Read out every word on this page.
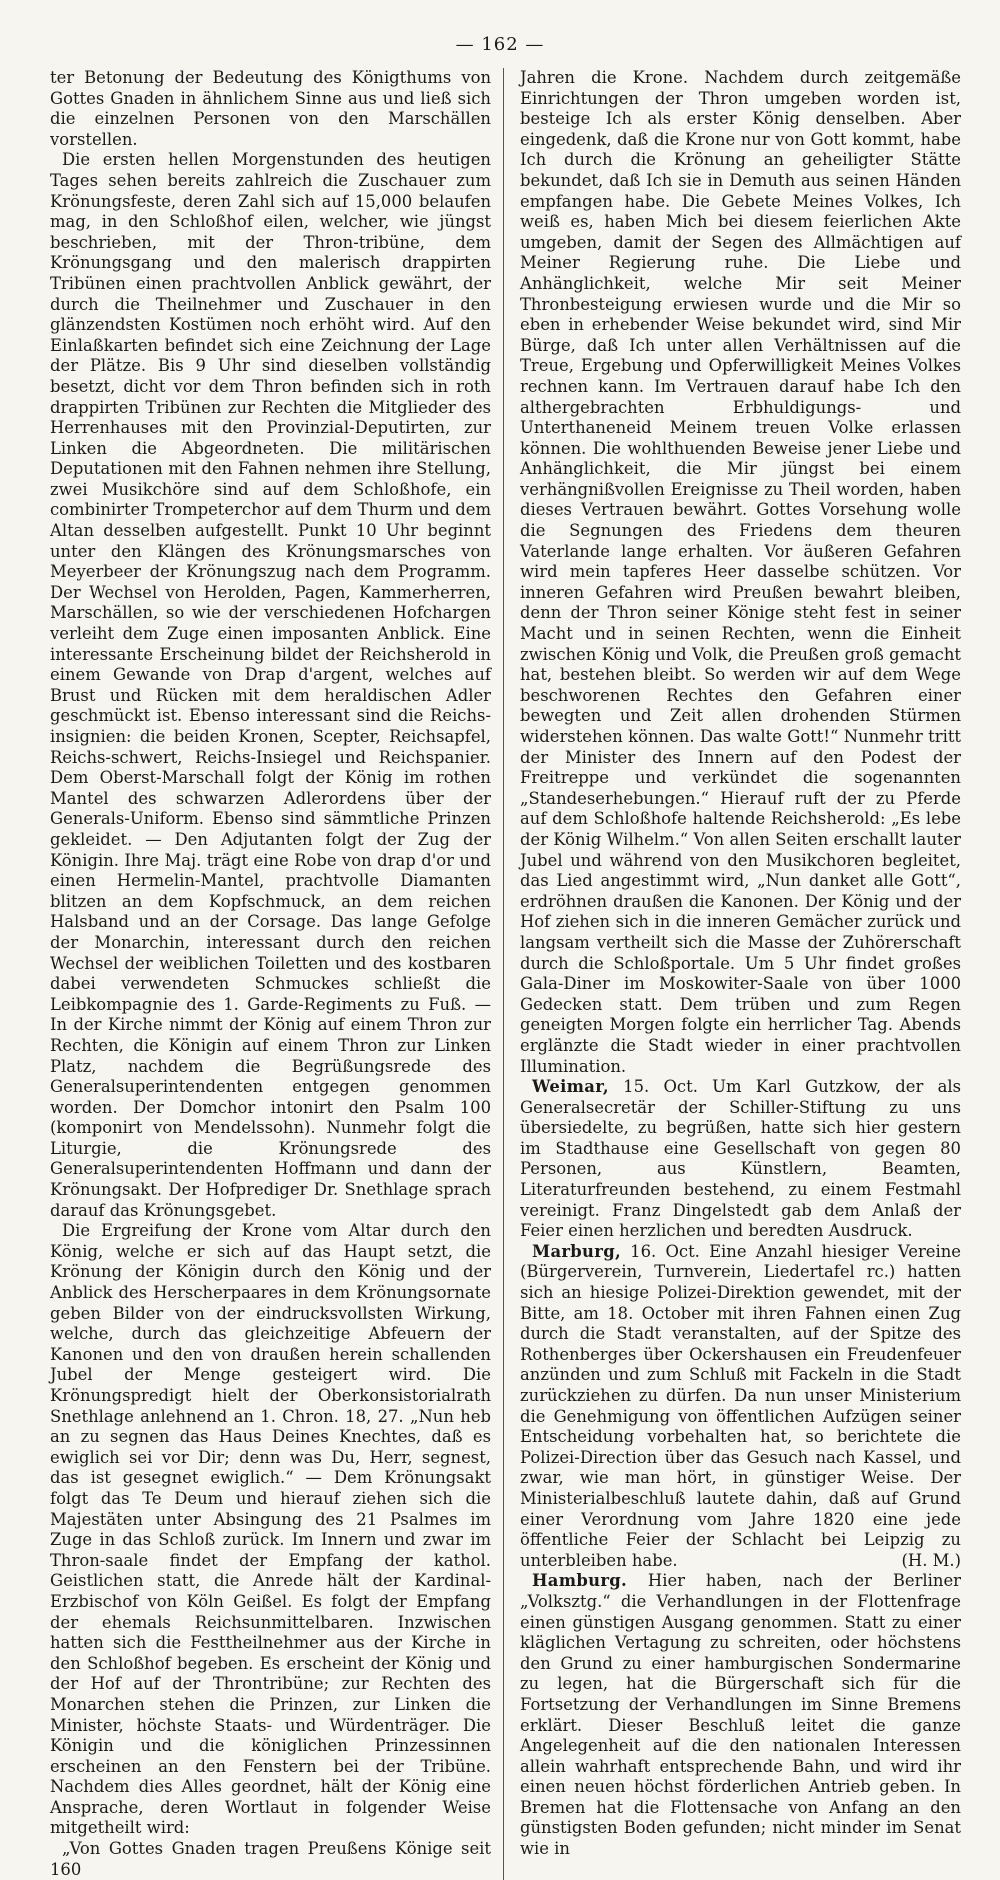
— 162 —

ter Betonung der Bedeutung des Königthums von Gottes Gnaden in ähnlichem Sinne aus und ließ sich die einzelnen Personen von den Marschällen vorstellen.

Die ersten hellen Morgenstunden des heutigen Tages sehen bereits zahlreich die Zuschauer zum Krönungsfeste, deren Zahl sich auf 15,000 belaufen mag, in den Schloßhof eilen, welcher, wie jüngst beschrieben, mit der Thron-tribüne, dem Krönungsgang und den malerisch drappirten Tribünen einen prachtvollen Anblick gewährt, der durch die Theilnehmer und Zuschauer in den glänzendsten Kostümen noch erhöht wird. Auf den Einlaßkarten befindet sich eine Zeichnung der Lage der Plätze. Bis 9 Uhr sind dieselben vollständig besetzt, dicht vor dem Thron befinden sich in roth drappirten Tribünen zur Rechten die Mitglieder des Herrenhauses mit den Provinzial-Deputirten, zur Linken die Abgeordneten. Die militärischen Deputationen mit den Fahnen nehmen ihre Stellung, zwei Musikchöre sind auf dem Schloßhofe, ein combinirter Trompeterchor auf dem Thurm und dem Altan desselben aufgestellt. Punkt 10 Uhr beginnt unter den Klängen des Krönungsmarsches von Meyerbeer der Krönungszug nach dem Programm. Der Wechsel von Herolden, Pagen, Kammerherren, Marschällen, so wie der verschiedenen Hofchargen verleiht dem Zuge einen imposanten Anblick. Eine interessante Erscheinung bildet der Reichsherold in einem Gewande von Drap d'argent, welches auf Brust und Rücken mit dem heraldischen Adler geschmückt ist. Ebenso interessant sind die Reichs-insignien: die beiden Kronen, Scepter, Reichsapfel, Reichs-schwert, Reichs-Insiegel und Reichspanier. Dem Oberst-Marschall folgt der König im rothen Mantel des schwarzen Adlerordens über der Generals-Uniform. Ebenso sind sämmtliche Prinzen gekleidet. — Den Adjutanten folgt der Zug der Königin. Ihre Maj. trägt eine Robe von drap d'or und einen Hermelin-Mantel, prachtvolle Diamanten blitzen an dem Kopfschmuck, an dem reichen Halsband und an der Corsage. Das lange Gefolge der Monarchin, interessant durch den reichen Wechsel der weiblichen Toiletten und des kostbaren dabei verwendeten Schmuckes schließt die Leibkompagnie des 1. Garde-Regiments zu Fuß. — In der Kirche nimmt der König auf einem Thron zur Rechten, die Königin auf einem Thron zur Linken Platz, nachdem die Begrüßungsrede des Generalsuperintendenten entgegen genommen worden. Der Domchor intonirt den Psalm 100 (komponirt von Mendelssohn). Nunmehr folgt die Liturgie, die Krönungsrede des Generalsuperintendenten Hoffmann und dann der Krönungsakt. Der Hofprediger Dr. Snethlage sprach darauf das Krönungsgebet.

Die Ergreifung der Krone vom Altar durch den König, welche er sich auf das Haupt setzt, die Krönung der Königin durch den König und der Anblick des Herscherpaares in dem Krönungsornate geben Bilder von der eindrucksvollsten Wirkung, welche, durch das gleichzeitige Abfeuern der Kanonen und den von draußen herein schallenden Jubel der Menge gesteigert wird. Die Krönungspredigt hielt der Oberkonsistorialrath Snethlage anlehnend an 1. Chron. 18, 27. „Nun heb an zu segnen das Haus Deines Knechtes, daß es ewiglich sei vor Dir; denn was Du, Herr, segnest, das ist gesegnet ewiglich.“ — Dem Krönungsakt folgt das Te Deum und hierauf ziehen sich die Majestäten unter Absingung des 21 Psalmes im Zuge in das Schloß zurück. Im Innern und zwar im Thron-saale findet der Empfang der kathol. Geistlichen statt, die Anrede hält der Kardinal-Erzbischof von Köln Geißel. Es folgt der Empfang der ehemals Reichsunmittelbaren. Inzwischen hatten sich die Festtheilnehmer aus der Kirche in den Schloßhof begeben. Es erscheint der König und der Hof auf der Throntribüne; zur Rechten des Monarchen stehen die Prinzen, zur Linken die Minister, höchste Staats- und Würdenträger. Die Königin und die königlichen Prinzessinnen erscheinen an den Fenstern bei der Tribüne. Nachdem dies Alles geordnet, hält der König eine Ansprache, deren Wortlaut in folgender Weise mitgetheilt wird:

„Von Gottes Gnaden tragen Preußens Könige seit 160

Jahren die Krone. Nachdem durch zeitgemäße Einrichtungen der Thron umgeben worden ist, besteige Ich als erster König denselben. Aber eingedenk, daß die Krone nur von Gott kommt, habe Ich durch die Krönung an geheiligter Stätte bekundet, daß Ich sie in Demuth aus seinen Händen empfangen habe. Die Gebete Meines Volkes, Ich weiß es, haben Mich bei diesem feierlichen Akte umgeben, damit der Segen des Allmächtigen auf Meiner Regierung ruhe. Die Liebe und Anhänglichkeit, welche Mir seit Meiner Thronbesteigung erwiesen wurde und die Mir so eben in erhebender Weise bekundet wird, sind Mir Bürge, daß Ich unter allen Verhältnissen auf die Treue, Ergebung und Opferwilligkeit Meines Volkes rechnen kann. Im Vertrauen darauf habe Ich den althergebrachten Erbhuldigungs- und Unterthaneneid Meinem treuen Volke erlassen können. Die wohlthuenden Beweise jener Liebe und Anhänglichkeit, die Mir jüngst bei einem verhängnißvollen Ereignisse zu Theil worden, haben dieses Vertrauen bewährt. Gottes Vorsehung wolle die Segnungen des Friedens dem theuren Vaterlande lange erhalten. Vor äußeren Gefahren wird mein tapferes Heer dasselbe schützen. Vor inneren Gefahren wird Preußen bewahrt bleiben, denn der Thron seiner Könige steht fest in seiner Macht und in seinen Rechten, wenn die Einheit zwischen König und Volk, die Preußen groß gemacht hat, bestehen bleibt. So werden wir auf dem Wege beschworenen Rechtes den Gefahren einer bewegten und Zeit allen drohenden Stürmen widerstehen können. Das walte Gott!“ Nunmehr tritt der Minister des Innern auf den Podest der Freitreppe und verkündet die sogenannten „Standeserhebungen.“ Hierauf ruft der zu Pferde auf dem Schloßhofe haltende Reichsherold: „Es lebe der König Wilhelm.“ Von allen Seiten erschallt lauter Jubel und während von den Musikchoren begleitet, das Lied angestimmt wird, „Nun danket alle Gott“, erdröhnen draußen die Kanonen. Der König und der Hof ziehen sich in die inneren Gemächer zurück und langsam vertheilt sich die Masse der Zuhörerschaft durch die Schloßportale. Um 5 Uhr findet großes Gala-Diner im Moskowiter-Saale von über 1000 Gedecken statt. Dem trüben und zum Regen geneigten Morgen folgte ein herrlicher Tag. Abends erglänzte die Stadt wieder in einer prachtvollen Illumination.

Weimar, 15. Oct. Um Karl Gutzkow, der als Generalsecretär der Schiller-Stiftung zu uns übersiedelte, zu begrüßen, hatte sich hier gestern im Stadthause eine Gesellschaft von gegen 80 Personen, aus Künstlern, Beamten, Literaturfreunden bestehend, zu einem Festmahl vereinigt. Franz Dingelstedt gab dem Anlaß der Feier einen herzlichen und beredten Ausdruck.

Marburg, 16. Oct. Eine Anzahl hiesiger Vereine (Bürgerverein, Turnverein, Liedertafel rc.) hatten sich an hiesige Polizei-Direktion gewendet, mit der Bitte, am 18. October mit ihren Fahnen einen Zug durch die Stadt veranstalten, auf der Spitze des Rothenberges über Ockershausen ein Freudenfeuer anzünden und zum Schluß mit Fackeln in die Stadt zurückziehen zu dürfen. Da nun unser Ministerium die Genehmigung von öffentlichen Aufzügen seiner Entscheidung vorbehalten hat, so berichtete die Polizei-Direction über das Gesuch nach Kassel, und zwar, wie man hört, in günstiger Weise. Der Ministerialbeschluß lautete dahin, daß auf Grund einer Verordnung vom Jahre 1820 eine jede öffentliche Feier der Schlacht bei Leipzig zu unterbleiben habe.	(H. M.)

Hamburg. Hier haben, nach der Berliner „Volksztg.“ die Verhandlungen in der Flottenfrage einen günstigen Ausgang genommen. Statt zu einer kläglichen Vertagung zu schreiten, oder höchstens den Grund zu einer hamburgischen Sondermarine zu legen, hat die Bürgerschaft sich für die Fortsetzung der Verhandlungen im Sinne Bremens erklärt. Dieser Beschluß leitet die ganze Angelegenheit auf die den nationalen Interessen allein wahrhaft entsprechende Bahn, und wird ihr einen neuen höchst förderlichen Antrieb geben. In Bremen hat die Flottensache von Anfang an den günstigsten Boden gefunden; nicht minder im Senat wie in
